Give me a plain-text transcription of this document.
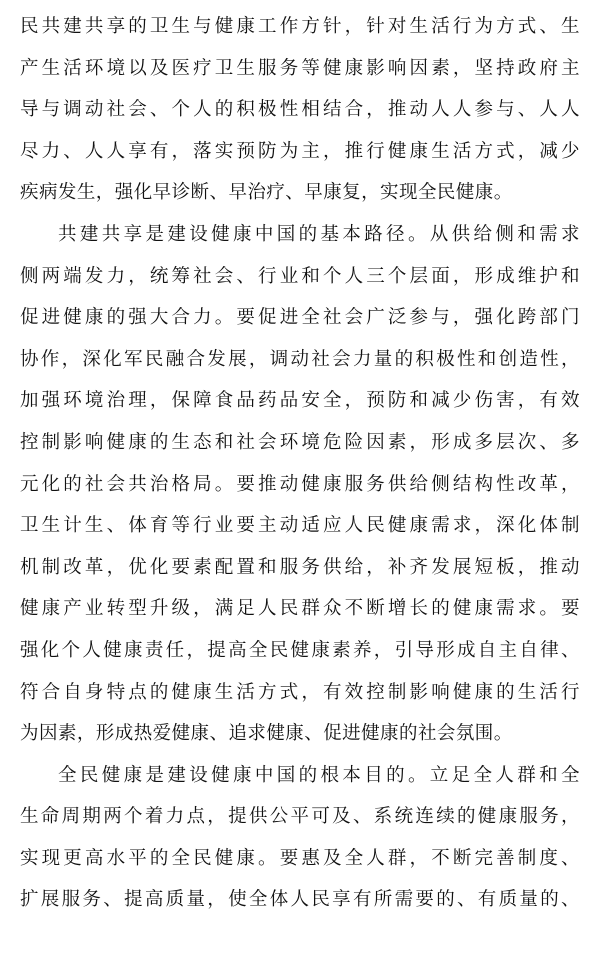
民共建共享的卫生与健康工作方针，针对生活行为方式、生
产生活环境以及医疗卫生服务等健康影响因素，坚持政府主
导与调动社会、个人的积极性相结合，推动人人参与、人人
尽力、人人享有，落实预防为主，推行健康生活方式，减少
疾病发生，强化早诊断、早治疗、早康复，实现全民健康。
共建共享是建设健康中国的基本路径。从供给侧和需求
侧两端发力，统筹社会、行业和个人三个层面，形成维护和
促进健康的强大合力。要促进全社会广泛参与，强化跨部门
协作，深化军民融合发展，调动社会力量的积极性和创造性，
加强环境治理，保障食品药品安全，预防和减少伤害，有效
控制影响健康的生态和社会环境危险因素，形成多层次、多
元化的社会共治格局。要推动健康服务供给侧结构性改革，
卫生计生、体育等行业要主动适应人民健康需求，深化体制
机制改革，优化要素配置和服务供给，补齐发展短板，推动
健康产业转型升级，满足人民群众不断增长的健康需求。要
强化个人健康责任，提高全民健康素养，引导形成自主自律、
符合自身特点的健康生活方式，有效控制影响健康的生活行
为因素，形成热爱健康、追求健康、促进健康的社会氛围。
全民健康是建设健康中国的根本目的。立足全人群和全
生命周期两个着力点，提供公平可及、系统连续的健康服务，
实现更高水平的全民健康。要惠及全人群，不断完善制度、
扩展服务、提高质量，使全体人民享有所需要的、有质量的、
